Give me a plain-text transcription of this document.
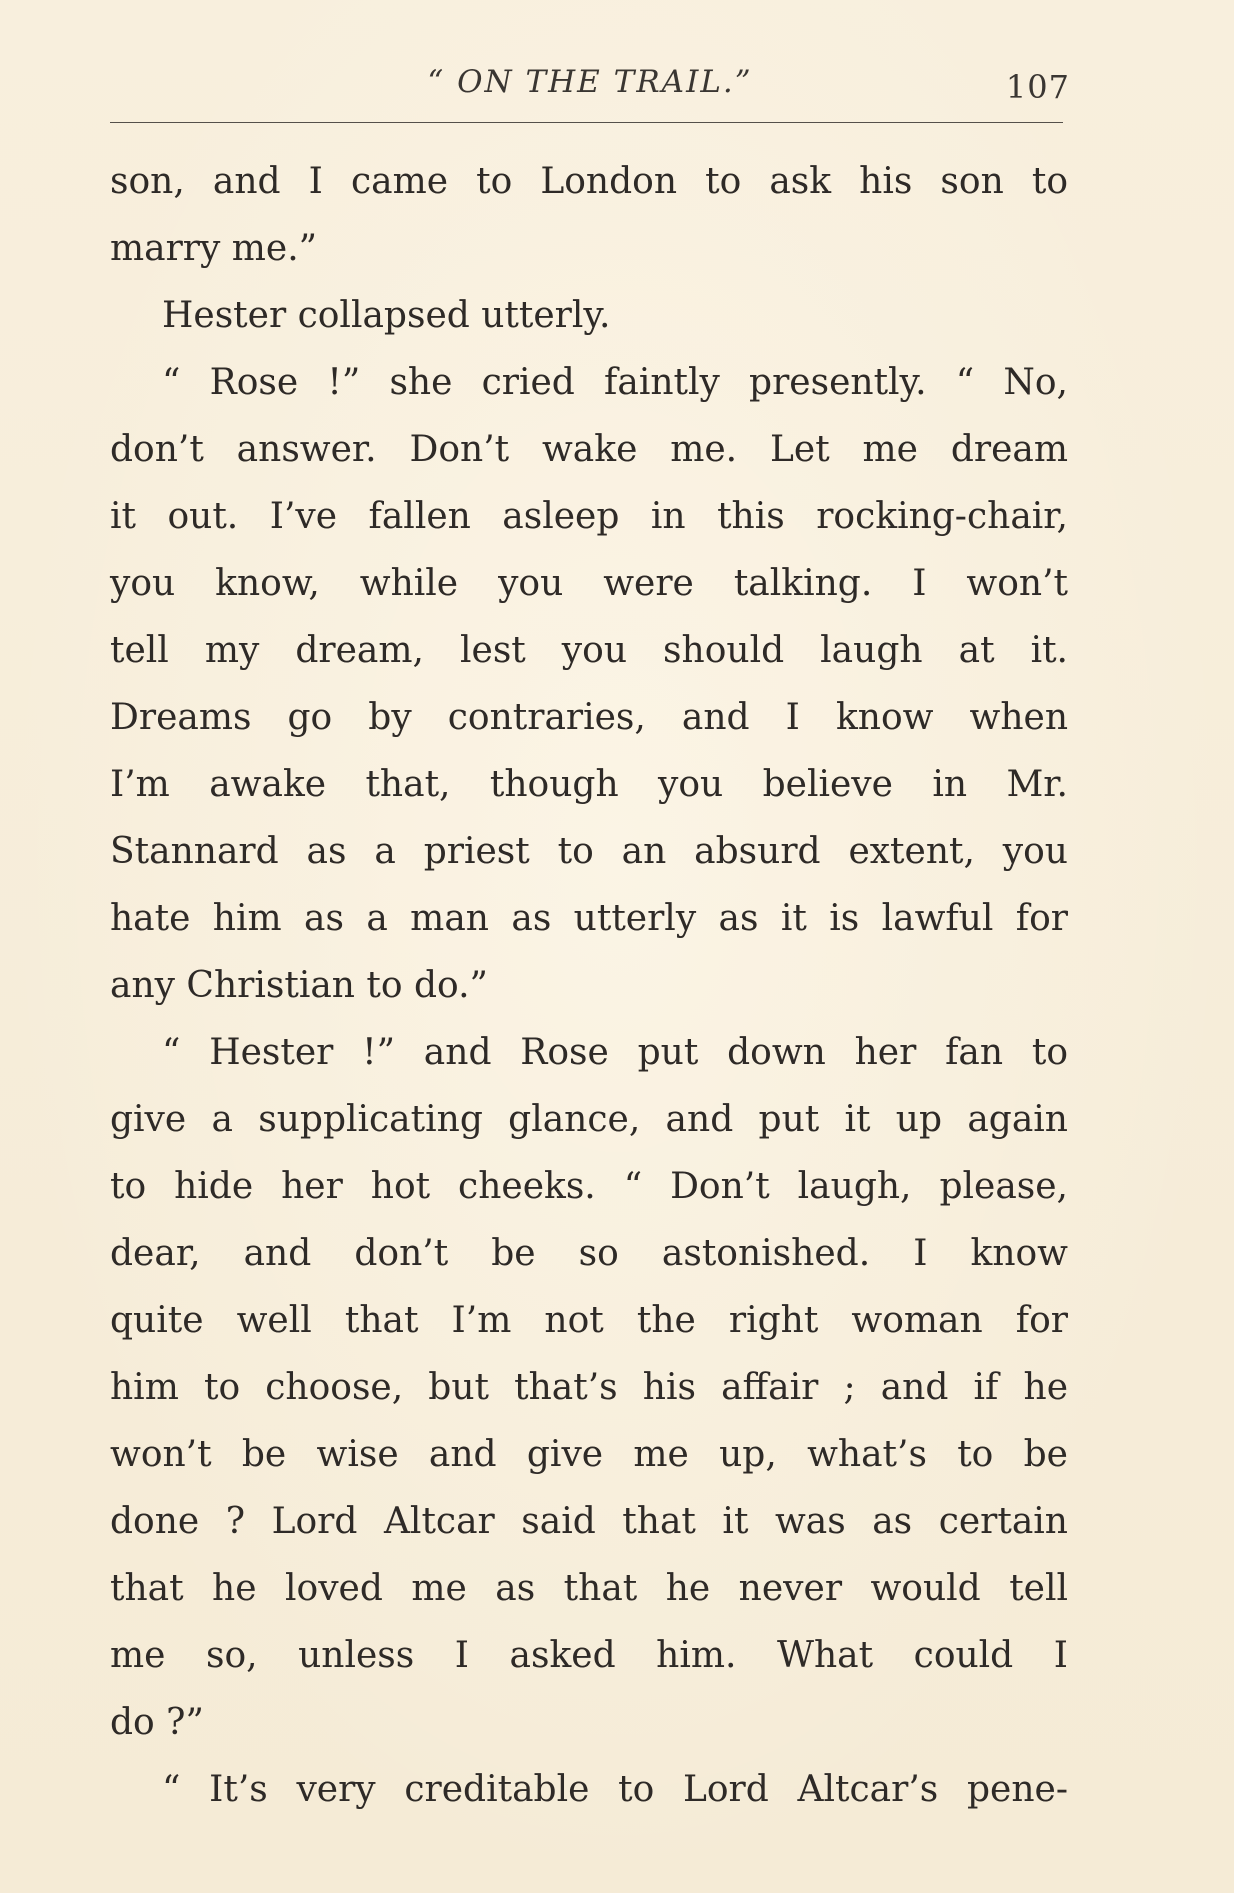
“ ON THE TRAIL.”	107
son, and I came to London to ask his son to
marry me.”
Hester collapsed utterly.
“ Rose !” she cried faintly presently. “ No,
don’t answer. Don’t wake me. Let me dream
it out. I’ve fallen asleep in this rocking-chair,
you know, while you were talking. I won’t
tell my dream, lest you should laugh at it.
Dreams go by contraries, and I know when
I’m awake that, though you believe in Mr.
Stannard as a priest to an absurd extent, you
hate him as a man as utterly as it is lawful for
any Christian to do.”
“ Hester !” and Rose put down her fan to
give a supplicating glance, and put it up again
to hide her hot cheeks. “ Don’t laugh, please,
dear, and don’t be so astonished. I know
quite well that I’m not the right woman for
him to choose, but that’s his affair ; and if he
won’t be wise and give me up, what’s to be
done ? Lord Altcar said that it was as certain
that he loved me as that he never would tell
me so, unless I asked him. What could I
do ?”
“ It’s very creditable to Lord Altcar’s pene-
